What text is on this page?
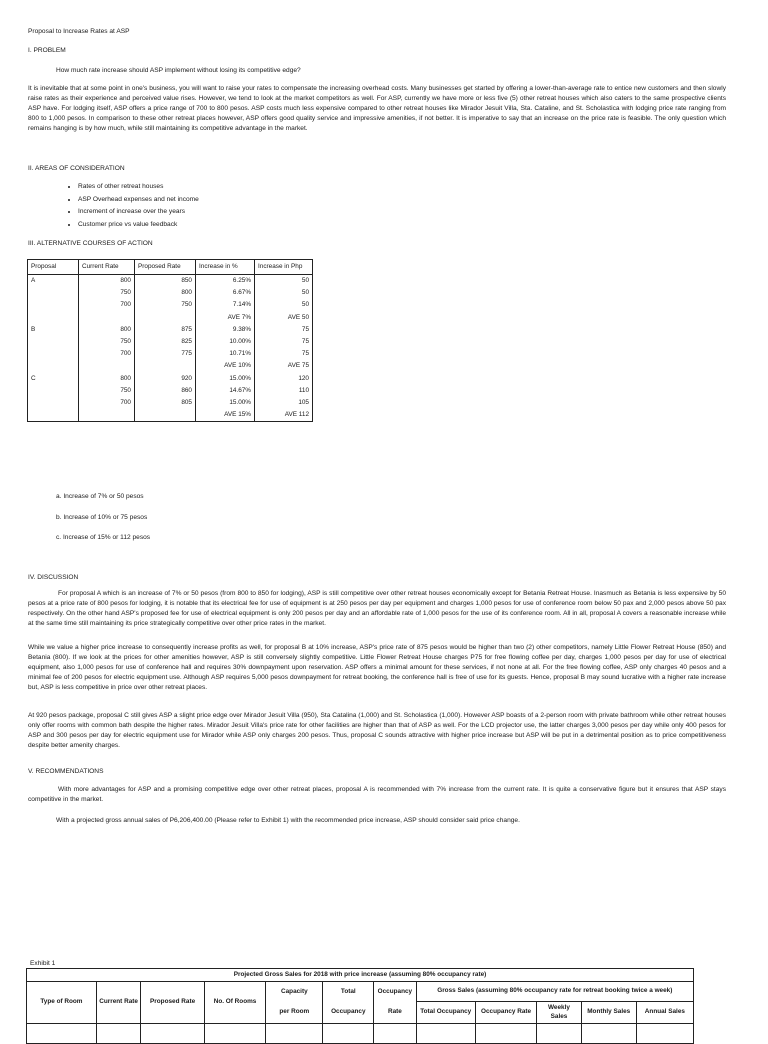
Proposal to Increase Rates at ASP
I. PROBLEM
How much rate increase should ASP implement without losing its competitive edge?

It is inevitable that at some point in one's business, you will want to raise your rates to compensate the increasing overhead costs. Many businesses get started by offering a lower-than-average rate to entice new customers and then slowly raise rates as their experience and perceived value rises. However, we tend to look at the market competitors as well. For ASP, currently we have more or less five (5) other retreat houses which also caters to the same prospective clients ASP have. For lodging itself, ASP offers a price range of 700 to 800 pesos. ASP costs much less expensive compared to other retreat houses like Mirador Jesuit Villa, Sta. Cataline, and St. Scholastica with lodging price rate ranging from 800 to 1,000 pesos. In comparison to these other retreat places however, ASP offers good quality service and impressive amenities, if not better. It is imperative to say that an increase on the price rate is feasible. The only question which remains hanging is by how much, while still maintaining its competitive advantage in the market.

II. AREAS OF CONSIDERATION
• Rates of other retreat houses
• ASP Overhead expenses and net income
• Increment of increase over the years
• Customer price vs value feedback
III. ALTERNATIVE COURSES OF ACTION
Proposal	Current Rate	Proposed Rate	Increase in %	Increase in Php
A	800	850	6.25%	50
	750	800	6.67%	50
	700	750	7.14%	50
			AVE 7%	AVE 50
B	800	875	9.38%	75
	750	825	10.00%	75
	700	775	10.71%	75
			AVE 10%	AVE 75
C	800	920	15.00%	120
	750	860	14.67%	110
	700	805	15.00%	105
			AVE 15%	AVE 112
a. Increase of 7% or 50 pesos
b. Increase of 10% or 75 pesos
c. Increase of 15% or 112 pesos
IV. DISCUSSION

For proposal A which is an increase of 7% or 50 pesos (from 800 to 850 for lodging), ASP is still competitive over other retreat houses economically except for Betania Retreat House. Inasmuch as Betania is less expensive by 50 pesos at a price rate of 800 pesos for lodging, it is notable that its electrical fee for use of equipment is at 250 pesos per day per equipment and charges 1,000 pesos for use of conference room below 50 pax and 2,000 pesos above 50 pax respectively. On the other hand ASP's proposed fee for use of electrical equipment is only 200 pesos per day and an affordable rate of 1,000 pesos for the use of its conference room. All in all, proposal A covers a reasonable increase while at the same time still maintaining its price strategically competitive over other price rates in the market.

While we value a higher price increase to consequently increase profits as well, for proposal B at 10% increase, ASP's price rate of 875 pesos would be higher than two (2) other competitors, namely Little Flower Retreat House (850) and Betania (800). If we look at the prices for other amenities however, ASP is still conversely slightly competitive. Little Flower Retreat House charges P75 for free flowing coffee per day, charges 1,000 pesos per day for use of electrical equipment, also 1,000 pesos for use of conference hall and requires 30% downpayment upon reservation. ASP offers a minimal amount for these services, if not none at all. For the free flowing coffee, ASP only charges 40 pesos and a minimal fee of 200 pesos for electric equipment use. Although ASP requires 5,000 pesos downpayment for retreat booking, the conference hall is free of use for its guests. Hence, proposal B may sound lucrative with a higher rate increase but, ASP is less competitive in price over other retreat places.

At 920 pesos package, proposal C still gives ASP a slight price edge over Mirador Jesuit Villa (950), Sta Catalina (1,000) and St. Scholastica (1,000). However ASP boasts of a 2-person room with private bathroom while other retreat houses only offer rooms with common bath despite the higher rates. Mirador Jesuit Villa's price rate for other facilities are higher than that of ASP as well. For the LCD projector use, the latter charges 3,000 pesos per day while only 400 pesos for ASP and 300 pesos per day for electric equipment use for Mirador while ASP only charges 200 pesos. Thus, proposal C sounds attractive with higher price increase but ASP will be put in a detrimental position as to price competitiveness despite better amenity charges.

V. RECOMMENDATIONS

With more advantages for ASP and a promising competitive edge over other retreat places, proposal A is recommended with 7% increase from the current rate. It is quite a conservative figure but it ensures that ASP stays competitive in the market.

With a projected gross annual sales of P6,206,400.00 (Please refer to Exhibit 1) with the recommended price increase, ASP should consider said price change.

Exhibit 1
Projected Gross Sales for 2018 with price increase (assuming 80% occupancy rate)											
Type of Room	Current Rate	Proposed Rate	No. Of Rooms	Capacity	Total	Occupancy	Gross Sales (assuming 80% occupancy rate for retreat booking twice a week)				
				per Room	Occupancy	Rate	Total Occupancy	Occupancy Rate	Weekly Sales	Monthly Sales	Annual Sales
